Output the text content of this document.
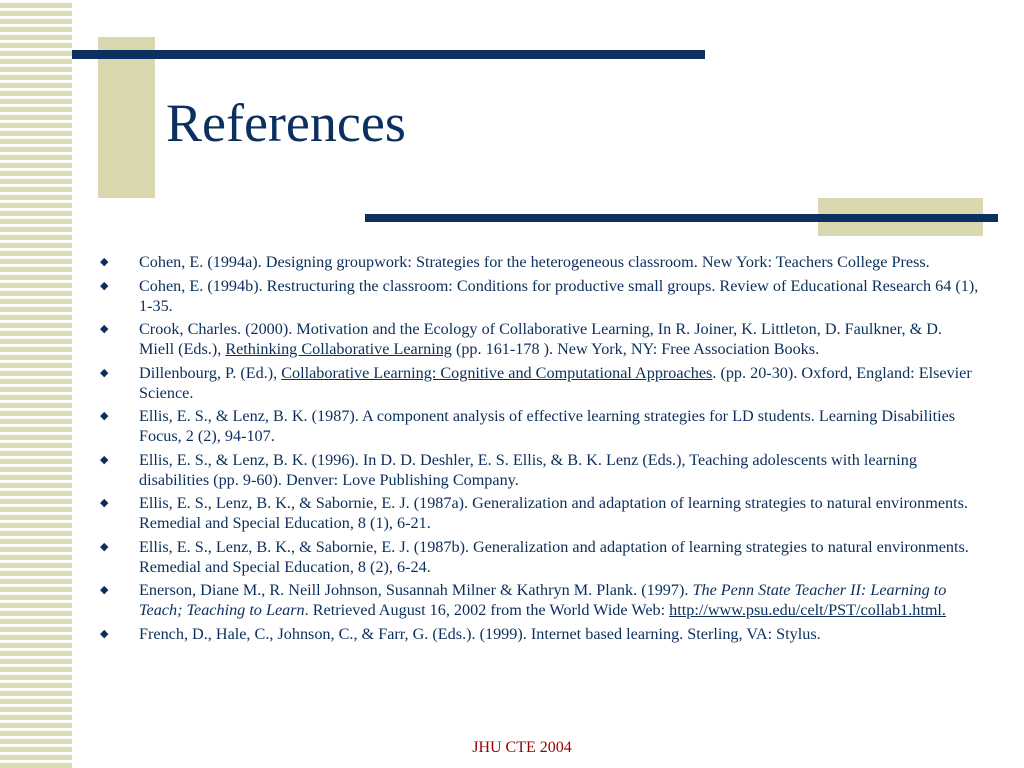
References
◆ Cohen, E. (1994a). Designing groupwork: Strategies for the heterogeneous classroom. New York: Teachers College Press.
◆ Cohen, E. (1994b). Restructuring the classroom: Conditions for productive small groups. Review of Educational Research 64 (1), 1-35.
◆ Crook, Charles. (2000). Motivation and the Ecology of Collaborative Learning, In R. Joiner, K. Littleton, D. Faulkner, & D. Miell (Eds.), Rethinking Collaborative Learning (pp. 161-178 ). New York, NY: Free Association Books.
◆ Dillenbourg, P. (Ed.), Collaborative Learning: Cognitive and Computational Approaches. (pp. 20-30). Oxford, England: Elsevier Science.
◆ Ellis, E. S., & Lenz, B. K. (1987). A component analysis of effective learning strategies for LD students. Learning Disabilities Focus, 2 (2), 94-107.
◆ Ellis, E. S., & Lenz, B. K. (1996). In D. D. Deshler, E. S. Ellis, & B. K. Lenz (Eds.), Teaching adolescents with learning disabilities (pp. 9-60). Denver: Love Publishing Company.
◆ Ellis, E. S., Lenz, B. K., & Sabornie, E. J. (1987a). Generalization and adaptation of learning strategies to natural environments. Remedial and Special Education, 8 (1), 6-21.
◆ Ellis, E. S., Lenz, B. K., & Sabornie, E. J. (1987b). Generalization and adaptation of learning strategies to natural environments. Remedial and Special Education, 8 (2), 6-24.
◆ Enerson, Diane M., R. Neill Johnson, Susannah Milner & Kathryn M. Plank. (1997). The Penn State Teacher II: Learning to Teach; Teaching to Learn. Retrieved August 16, 2002 from the World Wide Web: http://www.psu.edu/celt/PST/collab1.html.
◆ French, D., Hale, C., Johnson, C., & Farr, G. (Eds.). (1999). Internet based learning. Sterling, VA: Stylus.
JHU CTE 2004
